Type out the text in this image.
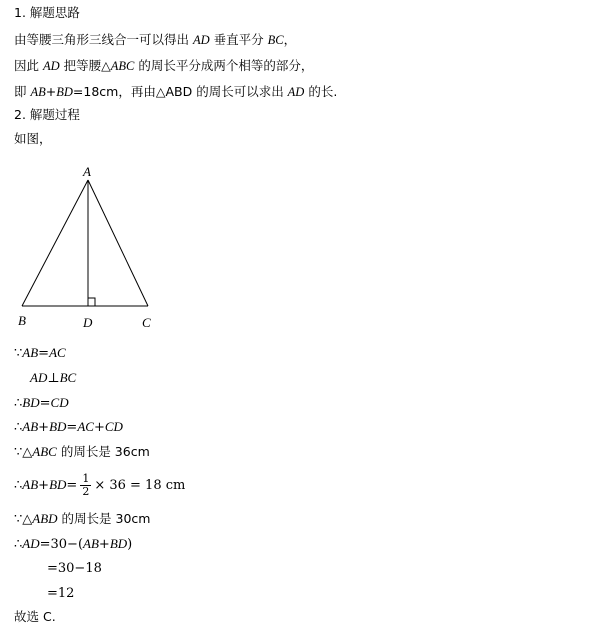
1. 解题思路
由等腰三角形三线合一可以得出 AD 垂直平分 BC，
因此 AD 把等腰△ABC 的周长平分成两个相等的部分，
即 AB+BD=18cm，再由△ABD 的周长可以求出 AD 的长.
2. 解题过程
如图，
A
B	D	C
∵AB=AC
AD⊥BC
∴BD=CD
∴AB+BD=AC+CD
∵△ABC 的周长是 36cm
∴AB+BD= $\frac{1}{2} \times 36 = 18$ cm
∵△ABD 的周长是 30cm
∴AD=30−(AB+BD)
=30−18
=12
故选 C.
